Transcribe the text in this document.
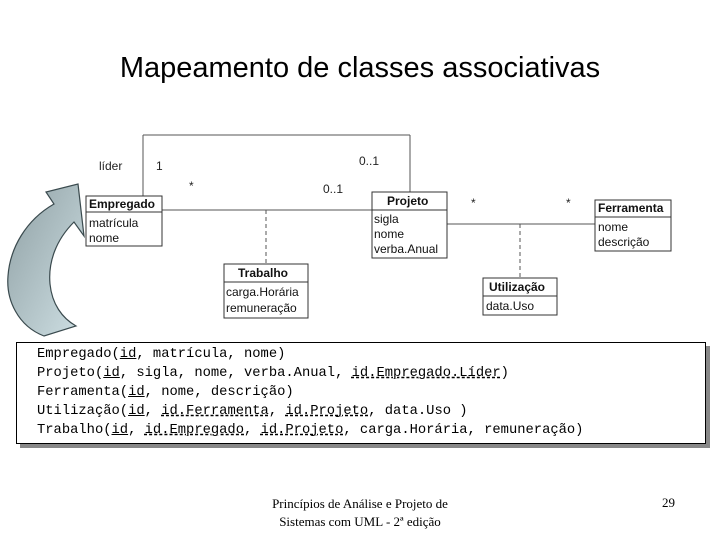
Mapeamento de classes associativas
líder	1	0..1
*	0..1
*	*
Empregado
matrícula
nome
Projeto
sigla
nome
verba.Anual
Ferramenta
nome
descrição
Trabalho
carga.Horária
remuneração
Utilização
data.Uso
Empregado(id, matrícula, nome)
Projeto(id, sigla, nome, verba.Anual, id.Empregado.Líder)
Ferramenta(id, nome, descrição)
Utilização(id, id.Ferramenta, id.Projeto, data.Uso )
Trabalho(id, id.Empregado, id.Projeto, carga.Horária, remuneração)
Princípios de Análise e Projeto de
Sistemas com UML - 2ª edição
29
